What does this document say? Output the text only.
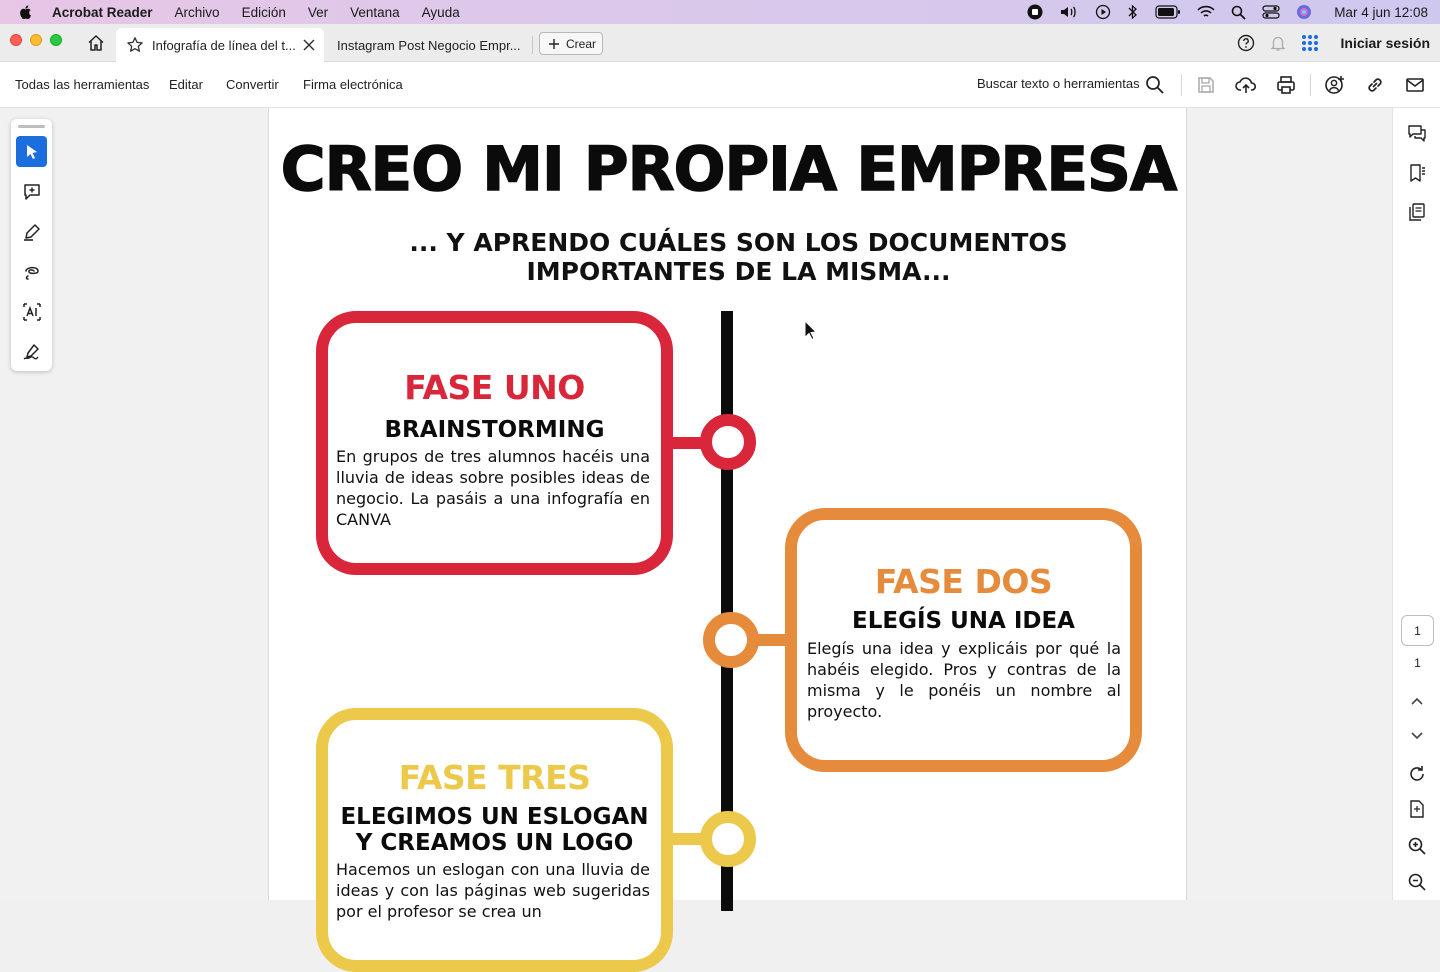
Acrobat Reader Archivo Edición Ver Ventana Ayuda	Mar 4 jun 12:08
Infografía de línea del t...	Instagram Post Negocio Empr...	Crear	Iniciar sesión
Todas las herramientas Editar Convertir Firma electrónica	Buscar texto o herramientas
CREO MI PROPIA EMPRESA
... Y APRENDO CUÁLES SON LOS DOCUMENTOS IMPORTANTES DE LA MISMA...
FASE UNO
BRAINSTORMING
En grupos de tres alumnos hacéis una lluvia de ideas sobre posibles ideas de negocio. La pasáis a una infografía en CANVA
FASE DOS
ELEGÍS UNA IDEA
Elegís una idea y explicáis por qué la habéis elegido. Pros y contras de la misma y le ponéis un nombre al proyecto.
FASE TRES
ELEGIMOS UN ESLOGAN Y CREAMOS UN LOGO
Hacemos un eslogan con una lluvia de ideas y con las páginas web sugeridas por el profesor se crea un
1
1
